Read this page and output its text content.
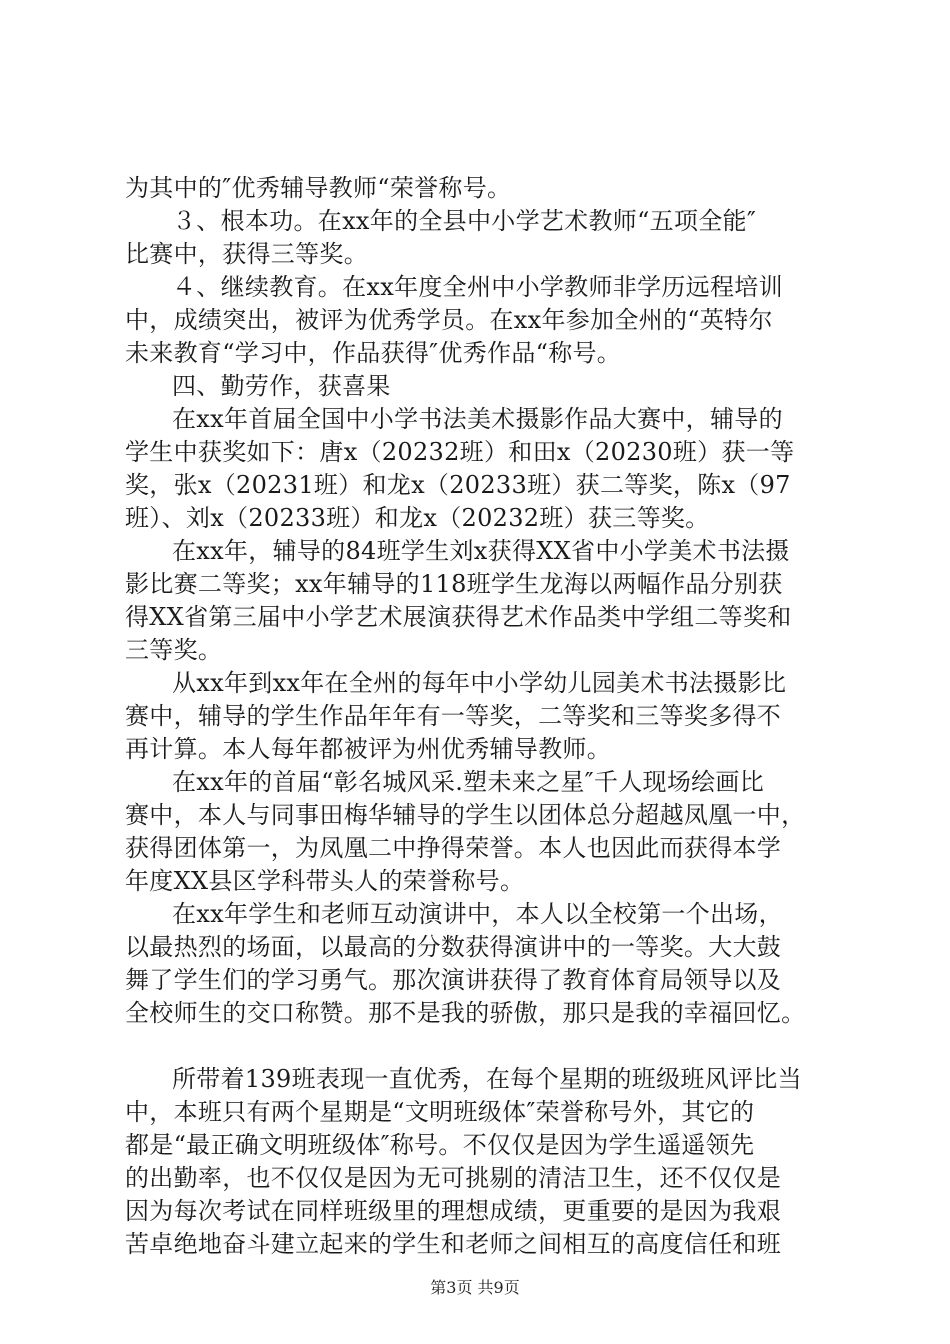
为其中的″优秀辅导教师“荣誉称号。
３、根本功。在xx年的全县中小学艺术教师“五项全能″
比赛中，获得三等奖。
４、继续教育。在xx年度全州中小学教师非学历远程培训
中，成绩突出，被评为优秀学员。在xx年参加全州的“英特尔
未来教育“学习中，作品获得″优秀作品“称号。
四、勤劳作，获喜果
在xx年首届全国中小学书法美术摄影作品大赛中，辅导的
学生中获奖如下：唐x（20232班）和田x（20230班）获一等
奖，张x（20231班）和龙x（20233班）获二等奖，陈x（97
班）、刘x（20233班）和龙x（20232班）获三等奖。
在xx年，辅导的84班学生刘x获得XX省中小学美术书法摄
影比赛二等奖；xx年辅导的118班学生龙海以两幅作品分别获
得XX省第三届中小学艺术展演获得艺术作品类中学组二等奖和
三等奖。
从xx年到xx年在全州的每年中小学幼儿园美术书法摄影比
赛中，辅导的学生作品年年有一等奖，二等奖和三等奖多得不
再计算。本人每年都被评为州优秀辅导教师。
在xx年的首届“彰名城风采.塑未来之星″千人现场绘画比
赛中，本人与同事田梅华辅导的学生以团体总分超越凤凰一中，
获得团体第一，为凤凰二中挣得荣誉。本人也因此而获得本学
年度XX县区学科带头人的荣誉称号。
在xx年学生和老师互动演讲中，本人以全校第一个出场，
以最热烈的场面，以最高的分数获得演讲中的一等奖。大大鼓
舞了学生们的学习勇气。那次演讲获得了教育体育局领导以及
全校师生的交口称赞。那不是我的骄傲，那只是我的幸福回忆。
所带着139班表现一直优秀，在每个星期的班级班风评比当
中，本班只有两个星期是“文明班级体″荣誉称号外，其它的
都是“最正确文明班级体″称号。不仅仅是因为学生遥遥领先
的出勤率，也不仅仅是因为无可挑剔的清洁卫生，还不仅仅是
因为每次考试在同样班级里的理想成绩，更重要的是因为我艰
苦卓绝地奋斗建立起来的学生和老师之间相互的高度信任和班
第3页 共9页
